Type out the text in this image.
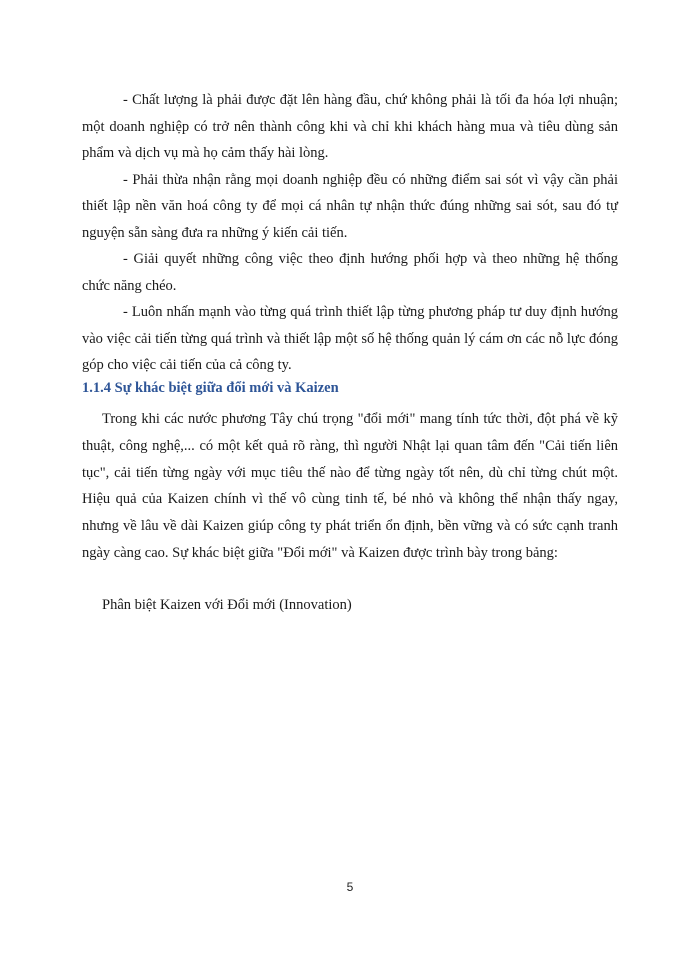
- Chất lượng là phải được đặt lên hàng đầu, chứ không phải là tối đa hóa lợi nhuận; một doanh nghiệp có trở nên thành công khi và chỉ khi khách hàng mua và tiêu dùng sản phẩm và dịch vụ mà họ cảm thấy hài lòng.

- Phải thừa nhận rằng mọi doanh nghiệp đều có những điểm sai sót vì vậy cần phải thiết lập nền văn hoá công ty để mọi cá nhân tự nhận thức đúng những sai sót, sau đó tự nguyện sẵn sàng đưa ra những ý kiến cải tiến.

- Giải quyết những công việc theo định hướng phối hợp và theo những hệ thống chức năng chéo.

- Luôn nhấn mạnh vào từng quá trình thiết lập từng phương pháp tư duy định hướng vào việc cải tiến từng quá trình và thiết lập một số hệ thống quản lý cám ơn các nỗ lực đóng góp cho việc cải tiến của cả công ty.

1.1.4 Sự khác biệt giữa đổi mới và Kaizen

Trong khi các nước phương Tây chú trọng "đổi mới" mang tính tức thời, đột phá về kỹ thuật, công nghệ,... có một kết quả rõ ràng, thì người Nhật lại quan tâm đến "Cải tiến liên tục", cải tiến từng ngày với mục tiêu thế nào để từng ngày tốt nên, dù chỉ từng chút một. Hiệu quả của Kaizen chính vì thế vô cùng tinh tế, bé nhỏ và không thể nhận thấy ngay, nhưng về lâu về dài Kaizen giúp công ty phát triển ổn định, bền vững và có sức cạnh tranh ngày càng cao. Sự khác biệt giữa "Đổi mới" và Kaizen được trình bày trong bảng:

Phân biệt Kaizen với Đổi mới (Innovation)

5
